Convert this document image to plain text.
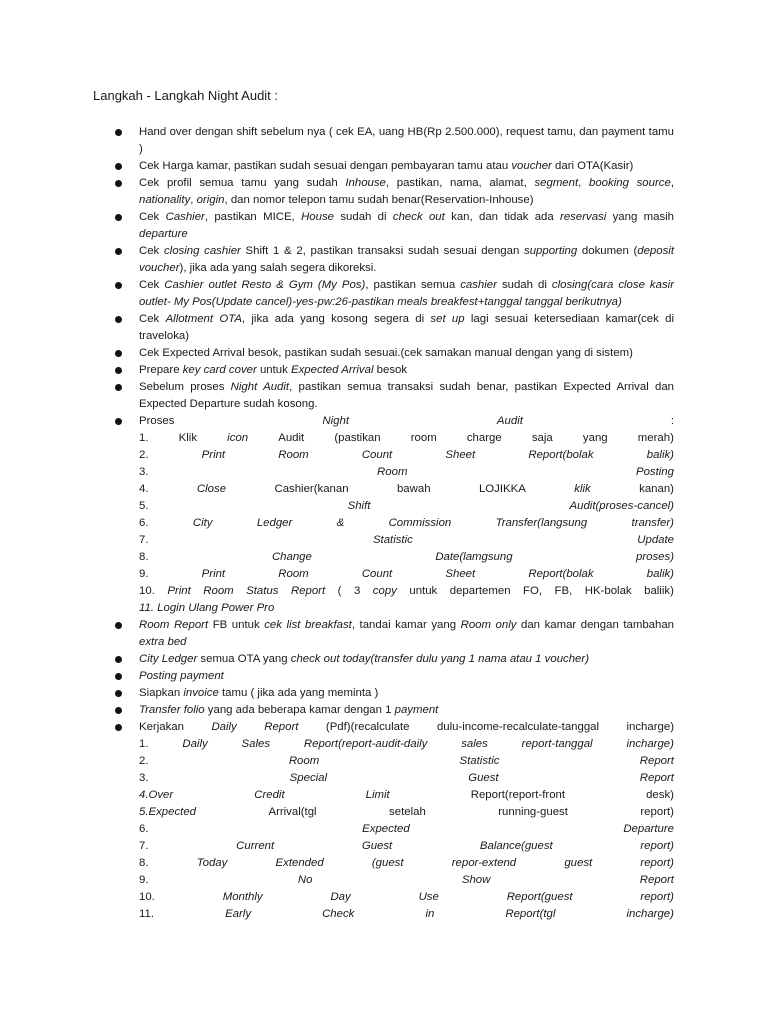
Langkah - Langkah Night Audit :
Hand over dengan shift sebelum nya ( cek EA, uang HB(Rp 2.500.000), request tamu, dan payment tamu )
Cek Harga kamar, pastikan sudah sesuai dengan pembayaran tamu atau voucher dari OTA(Kasir)
Cek profil semua tamu yang sudah Inhouse, pastikan, nama, alamat, segment, booking source, nationality, origin, dan nomor telepon tamu sudah benar(Reservation-Inhouse)
Cek Cashier, pastikan MICE, House sudah di check out kan, dan tidak ada reservasi yang masih departure
Cek closing cashier Shift 1 & 2, pastikan transaksi sudah sesuai dengan supporting dokumen (deposit voucher), jika ada yang salah segera dikoreksi.
Cek Cashier outlet Resto & Gym (My Pos), pastikan semua cashier sudah di closing(cara close kasir outlet- My Pos(Update cancel)-yes-pw:26-pastikan meals breakfest+tanggal tanggal berikutnya)
Cek Allotment OTA, jika ada yang kosong segera di set up lagi sesuai ketersediaan kamar(cek di traveloka)
Cek Expected Arrival besok, pastikan sudah sesuai.(cek samakan manual dengan yang di sistem)
Prepare key card cover untuk Expected Arrival besok
Sebelum proses Night Audit, pastikan semua transaksi sudah benar, pastikan Expected Arrival dan Expected Departure sudah kosong.
Proses	Night	Audit	:
1.	Klik	icon	Audit	(pastikan	room	charge	saja	yang	merah)
2.	Print	Room	Count	Sheet	Report(bolak	balik)
3.	Room	Posting
4.	Close	Cashier(kanan	bawah	LOJIKKA	klik	kanan)
5.	Shift	Audit(proses-cancel)
6.	City	Ledger	&	Commission	Transfer(langsung	transfer)
7.	Statistic	Update
8.	Change	Date(lamgsung	proses)
9.	Print	Room	Count	Sheet	Report(bolak	balik)
10. Print Room Status Report ( 3 copy untuk departemen FO, FB, HK-bolak baliik)
11. Login Ulang Power Pro
Room Report FB untuk cek list breakfast, tandai kamar yang Room only dan kamar dengan tambahan extra bed
City Ledger semua OTA yang check out today(transfer dulu yang 1 nama atau 1 voucher)
Posting payment
Siapkan invoice tamu ( jika ada yang meminta )
Transfer folio yang ada beberapa kamar dengan 1 payment
Kerjakan Daily Report (Pdf)(recalculate dulu-income-recalculate-tanggal incharge)
1.	Daily	Sales	Report(report-audit-daily	sales	report-tanggal	incharge)
2.	Room	Statistic	Report
3.	Special	Guest	Report
4.Over	Credit	Limit	Report(report-front	desk)
5.Expected	Arrival(tgl	setelah	running-guest	report)
6.	Expected	Departure
7.	Current	Guest	Balance(guest	report)
8.	Today	Extended	(guest	repor-extend	guest	report)
9.	No	Show	Report
10.	Monthly	Day	Use	Report(guest	report)
11.	Early	Check	in	Report(tgl	incharge)
